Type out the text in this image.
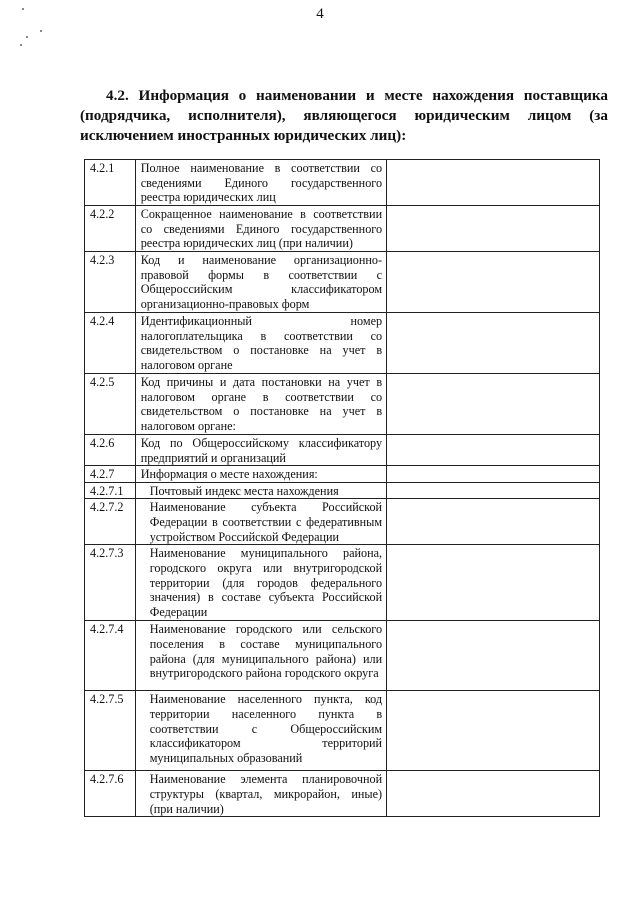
4
4.2. Информация о наименовании и месте нахождения поставщика (подрядчика, исполнителя), являющегося юридическим лицом (за исключением иностранных юридических лиц):
4.2.1	Полное наименование в соответствии со сведениями Единого государственного реестра юридических лиц	
4.2.2	Сокращенное наименование в соответствии со сведениями Единого государственного реестра юридических лиц (при наличии)	
4.2.3	Код и наименование организационно-правовой формы в соответствии с Общероссийским классификатором организационно-правовых форм	
4.2.4	Идентификационный номер налогоплательщика в соответствии со свидетельством о постановке на учет в налоговом органе	
4.2.5	Код причины и дата постановки на учет в налоговом органе в соответствии со свидетельством о постановке на учет в налоговом органе:	
4.2.6	Код по Общероссийскому классификатору предприятий и организаций	
4.2.7	Информация о месте нахождения:	
4.2.7.1	Почтовый индекс места нахождения	
4.2.7.2	Наименование субъекта Российской Федерации в соответствии с федеративным устройством Российской Федерации	
4.2.7.3	Наименование муниципального района, городского округа или внутригородской территории (для городов федерального значения) в составе субъекта Российской Федерации	
4.2.7.4	Наименование городского или сельского поселения в составе муниципального района (для муниципального района) или внутригородского района городского округа	
4.2.7.5	Наименование населенного пункта, код территории населенного пункта в соответствии с Общероссийским классификатором территорий муниципальных образований	
4.2.7.6	Наименование элемента планировочной структуры (квартал, микрорайон, иные) (при наличии)	
